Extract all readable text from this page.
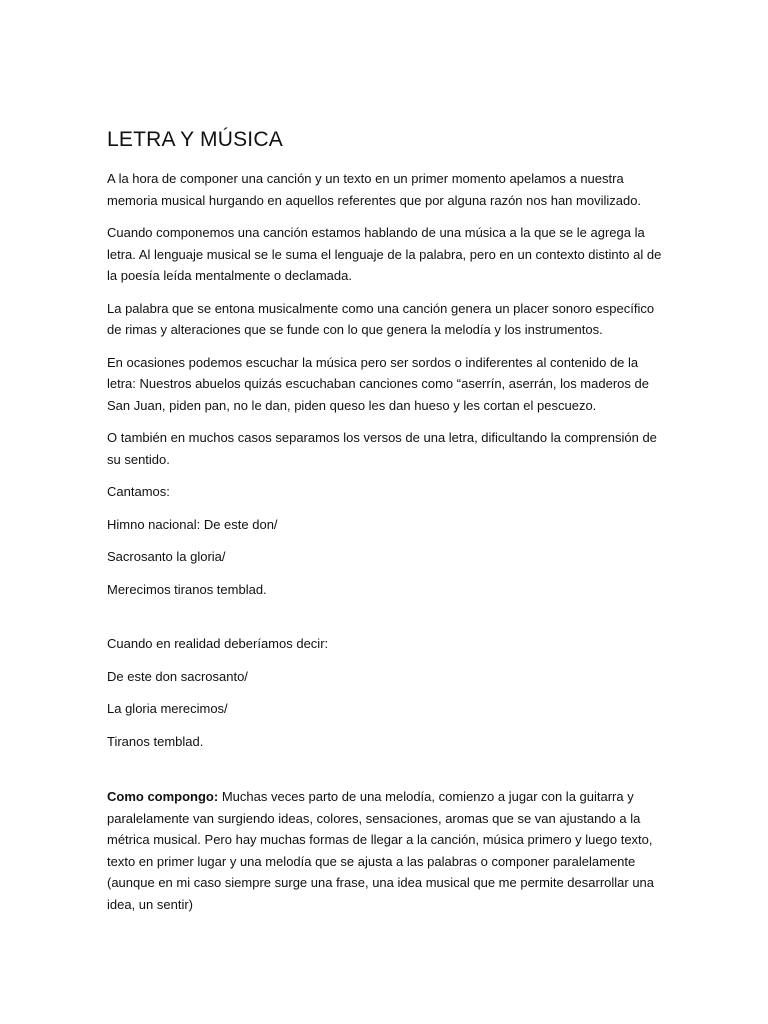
LETRA Y MÚSICA

A la hora de componer una canción y un texto en un primer momento apelamos a nuestra memoria musical hurgando en aquellos referentes que por alguna razón nos han movilizado.

Cuando componemos una canción estamos hablando de una música a la que se le agrega la letra. Al lenguaje musical se le suma el lenguaje de la palabra, pero en un contexto distinto al de la poesía leída mentalmente o declamada.

La palabra que se entona musicalmente como una canción genera un placer sonoro específico de rimas y alteraciones que se funde con lo que genera la melodía y los instrumentos.

En ocasiones podemos escuchar la música pero ser sordos o indiferentes al contenido de la letra: Nuestros abuelos quizás escuchaban canciones como “aserrín, aserrán, los maderos de San Juan, piden pan, no le dan, piden queso les dan hueso y les cortan el pescuezo.

O también en muchos casos separamos los versos de una letra, dificultando la comprensión de su sentido.

Cantamos:

Himno nacional: De este don/

Sacrosanto la gloria/

Merecimos tiranos temblad.

Cuando en realidad deberíamos decir:

De este don sacrosanto/

La gloria merecimos/

Tiranos temblad.

Como compongo: Muchas veces parto de una melodía, comienzo a jugar con la guitarra y paralelamente van surgiendo ideas, colores, sensaciones, aromas que se van ajustando a la métrica musical. Pero hay muchas formas de llegar a la canción, música primero y luego texto, texto en primer lugar y una melodía que se ajusta a las palabras o componer paralelamente (aunque en mi caso siempre surge una frase, una idea musical que me permite desarrollar una idea, un sentir)
